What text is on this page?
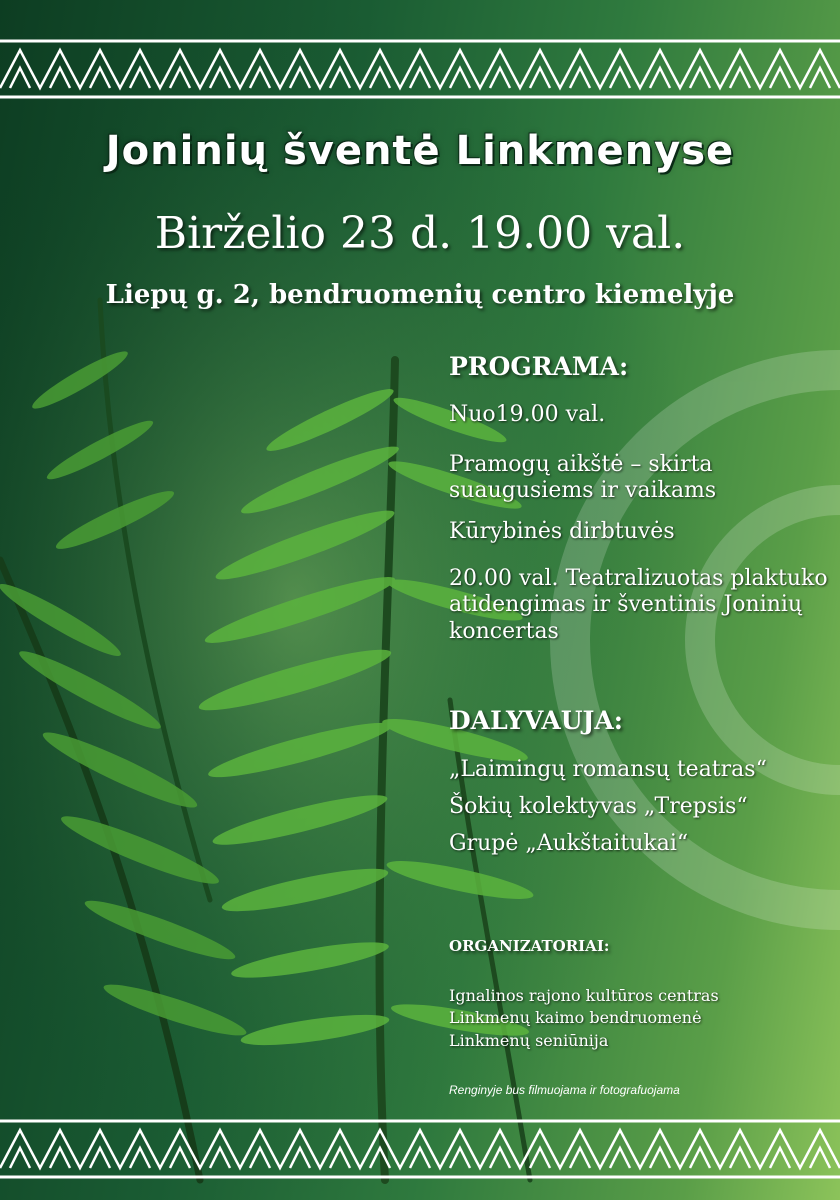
Joninių šventė Linkmenyse
Birželio 23 d. 19.00 val.
Liepų g. 2, bendruomenių centro kiemelyje
PROGRAMA:
Nuo19.00 val.
Pramogų aikštė – skirta suaugusiems ir vaikams
Kūrybinės dirbtuvės
20.00 val. Teatralizuotas plaktuko atidengimas ir šventinis Joninių koncertas
DALYVAUJA:
„Laimingų romansų teatras“
Šokių kolektyvas „Trepsis“
Grupė „Aukštaitukai“
ORGANIZATORIAI:
Ignalinos rajono kultūros centras
Linkmenų kaimo bendruomenė
Linkmenų seniūnija
Renginyje bus filmuojama ir fotografuojama
